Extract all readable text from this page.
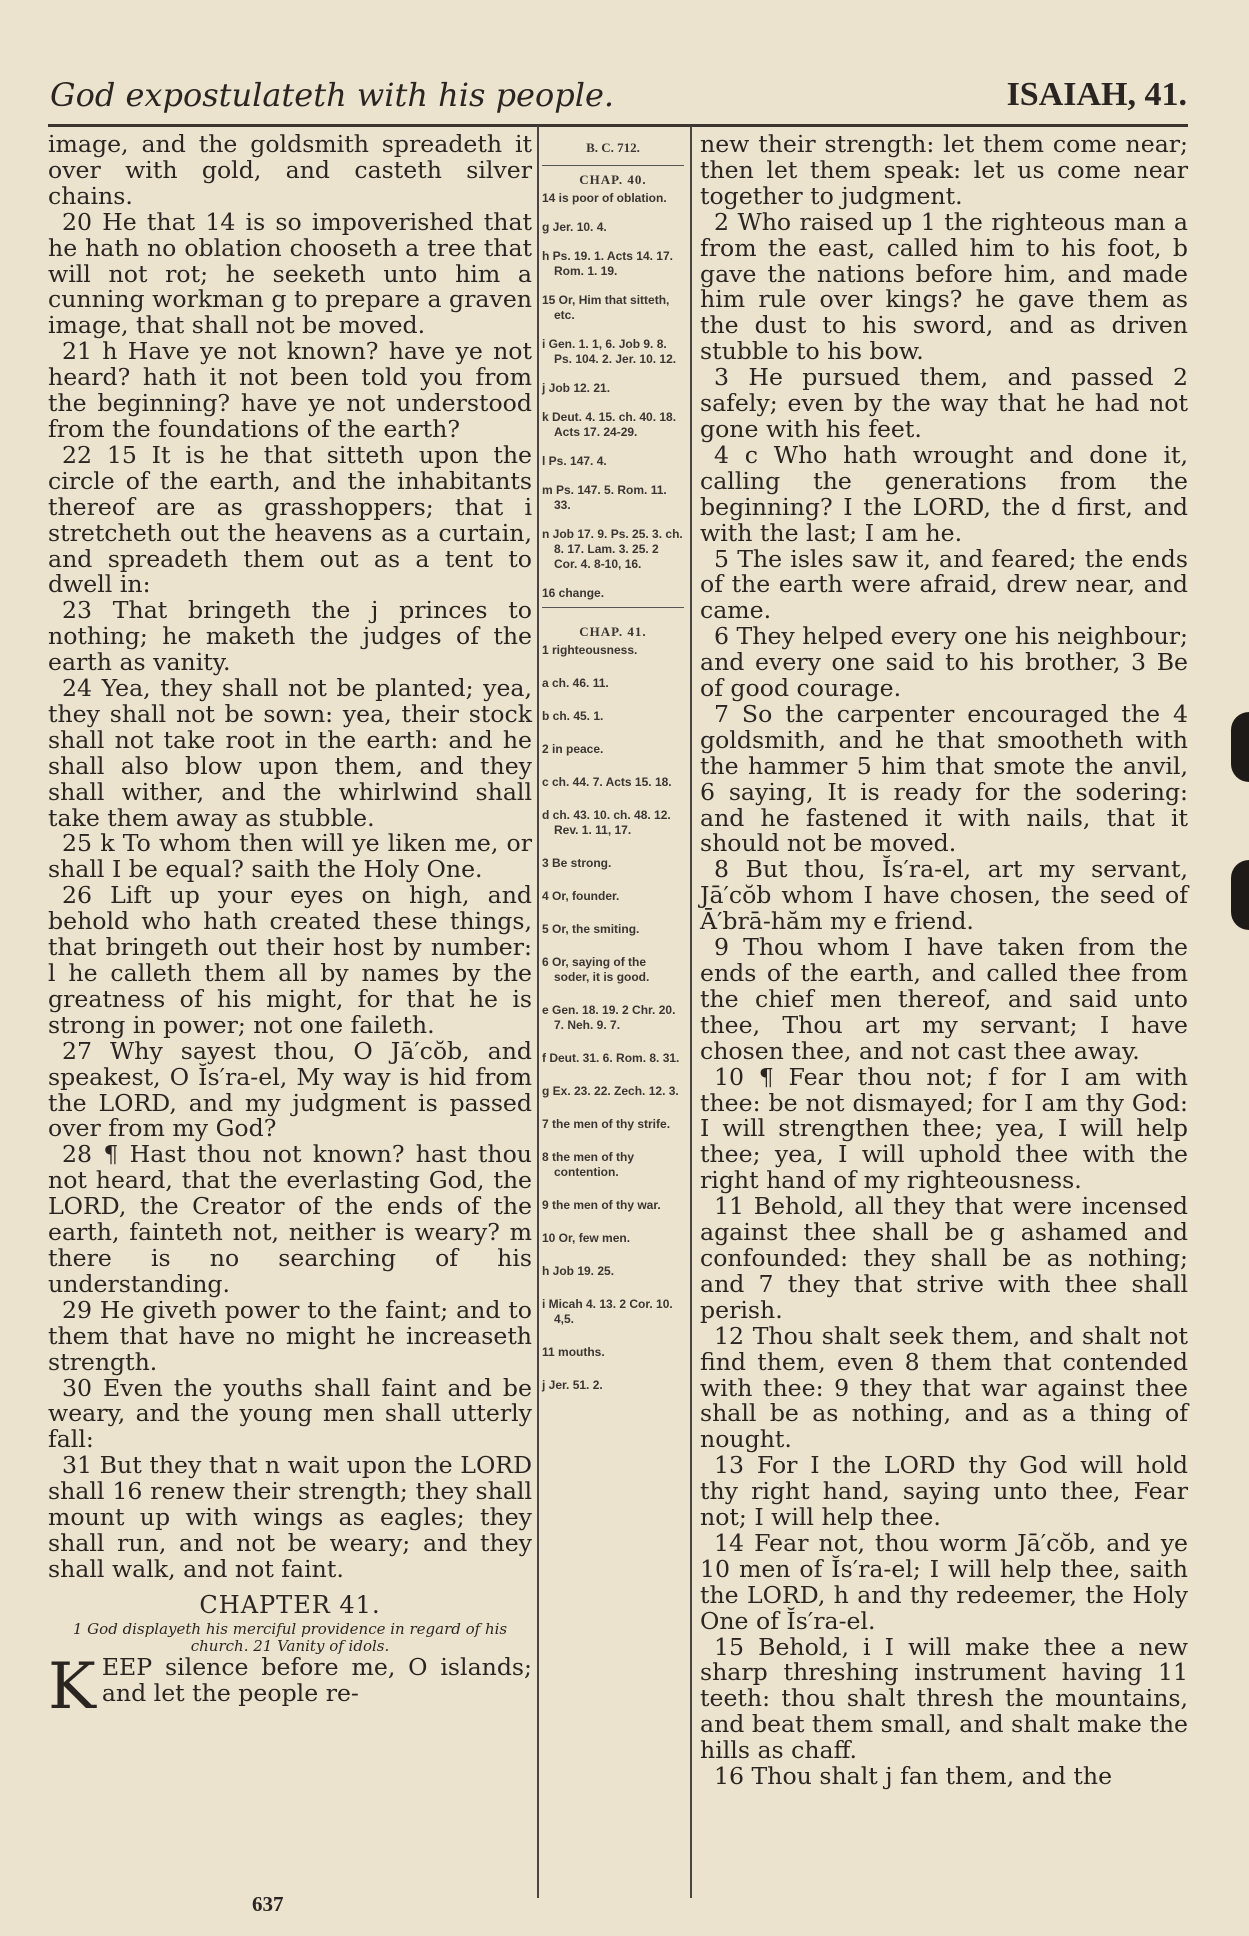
God expostulateth with his people.	ISAIAH, 41.

image, and the goldsmith spreadeth it over with gold, and casteth silver chains.

20 He that 14 is so impoverished that he hath no oblation chooseth a tree that will not rot; he seeketh unto him a cunning workman g to prepare a graven image, that shall not be moved.

21 h Have ye not known? have ye not heard? hath it not been told you from the beginning? have ye not understood from the foundations of the earth?

22 15 It is he that sitteth upon the circle of the earth, and the inhabitants thereof are as grasshoppers; that i stretcheth out the heavens as a curtain, and spreadeth them out as a tent to dwell in:

23 That bringeth the j princes to nothing; he maketh the judges of the earth as vanity.

24 Yea, they shall not be planted; yea, they shall not be sown: yea, their stock shall not take root in the earth: and he shall also blow upon them, and they shall wither, and the whirlwind shall take them away as stubble.

25 k To whom then will ye liken me, or shall I be equal? saith the Holy One.

26 Lift up your eyes on high, and behold who hath created these things, that bringeth out their host by number: l he calleth them all by names by the greatness of his might, for that he is strong in power; not one faileth.

27 Why sayest thou, O Jā′cŏb, and speakest, O Ĭs′ra-el, My way is hid from the LORD, and my judgment is passed over from my God?

28 ¶ Hast thou not known? hast thou not heard, that the everlasting God, the LORD, the Creator of the ends of the earth, fainteth not, neither is weary? m there is no searching of his understanding.

29 He giveth power to the faint; and to them that have no might he increaseth strength.

30 Even the youths shall faint and be weary, and the young men shall utterly fall:

31 But they that n wait upon the LORD shall 16 renew their strength; they shall mount up with wings as eagles; they shall run, and not be weary; and they shall walk, and not faint.

CHAPTER 41.
1 God displayeth his merciful providence in regard of his church. 21 Vanity of idols.

KEEP silence before me, O islands; and let the people re-

B. C. 712.
CHAP. 40.

14 is poor of oblation.

g Jer. 10. 4.

h Ps. 19. 1. Acts 14. 17. Rom. 1. 19.

15 Or, Him that sitteth, etc.

i Gen. 1. 1, 6. Job 9. 8. Ps. 104. 2. Jer. 10. 12.

j Job 12. 21.

k Deut. 4. 15. ch. 40. 18. Acts 17. 24-29.

l Ps. 147. 4.

m Ps. 147. 5. Rom. 11. 33.

n Job 17. 9. Ps. 25. 3. ch. 8. 17. Lam. 3. 25. 2 Cor. 4. 8-10, 16.

16 change.

CHAP. 41.

1 righteousness.

a ch. 46. 11.

b ch. 45. 1.

2 in peace.

c ch. 44. 7. Acts 15. 18.

d ch. 43. 10. ch. 48. 12. Rev. 1. 11, 17.

3 Be strong.

4 Or, founder.

5 Or, the smiting.

6 Or, saying of the soder, it is good.

e Gen. 18. 19. 2 Chr. 20. 7. Neh. 9. 7.

f Deut. 31. 6. Rom. 8. 31.

g Ex. 23. 22. Zech. 12. 3.

7 the men of thy strife.

8 the men of thy contention.

9 the men of thy war.

10 Or, few men.

h Job 19. 25.

i Micah 4. 13. 2 Cor. 10. 4,5.

11 mouths.

j Jer. 51. 2.

new their strength: let them come near; then let them speak: let us come near together to judgment.

2 Who raised up 1 the righteous man a from the east, called him to his foot, b gave the nations before him, and made him rule over kings? he gave them as the dust to his sword, and as driven stubble to his bow.

3 He pursued them, and passed 2 safely; even by the way that he had not gone with his feet.

4 c Who hath wrought and done it, calling the generations from the beginning? I the LORD, the d first, and with the last; I am he.

5 The isles saw it, and feared; the ends of the earth were afraid, drew near, and came.

6 They helped every one his neighbour; and every one said to his brother, 3 Be of good courage.

7 So the carpenter encouraged the 4 goldsmith, and he that smootheth with the hammer 5 him that smote the anvil, 6 saying, It is ready for the sodering: and he fastened it with nails, that it should not be moved.

8 But thou, Ĭs′ra-el, art my servant, Jā′cŏb whom I have chosen, the seed of Ā′brā-hăm my e friend.

9 Thou whom I have taken from the ends of the earth, and called thee from the chief men thereof, and said unto thee, Thou art my servant; I have chosen thee, and not cast thee away.

10 ¶ Fear thou not; f for I am with thee: be not dismayed; for I am thy God: I will strengthen thee; yea, I will help thee; yea, I will uphold thee with the right hand of my righteousness.

11 Behold, all they that were incensed against thee shall be g ashamed and confounded: they shall be as nothing; and 7 they that strive with thee shall perish.

12 Thou shalt seek them, and shalt not find them, even 8 them that contended with thee: 9 they that war against thee shall be as nothing, and as a thing of nought.

13 For I the LORD thy God will hold thy right hand, saying unto thee, Fear not; I will help thee.

14 Fear not, thou worm Jā′cŏb, and ye 10 men of Ĭs′ra-el; I will help thee, saith the LORD, h and thy redeemer, the Holy One of Ĭs′ra-el.

15 Behold, i I will make thee a new sharp threshing instrument having 11 teeth: thou shalt thresh the mountains, and beat them small, and shalt make the hills as chaff.

16 Thou shalt j fan them, and the

637
